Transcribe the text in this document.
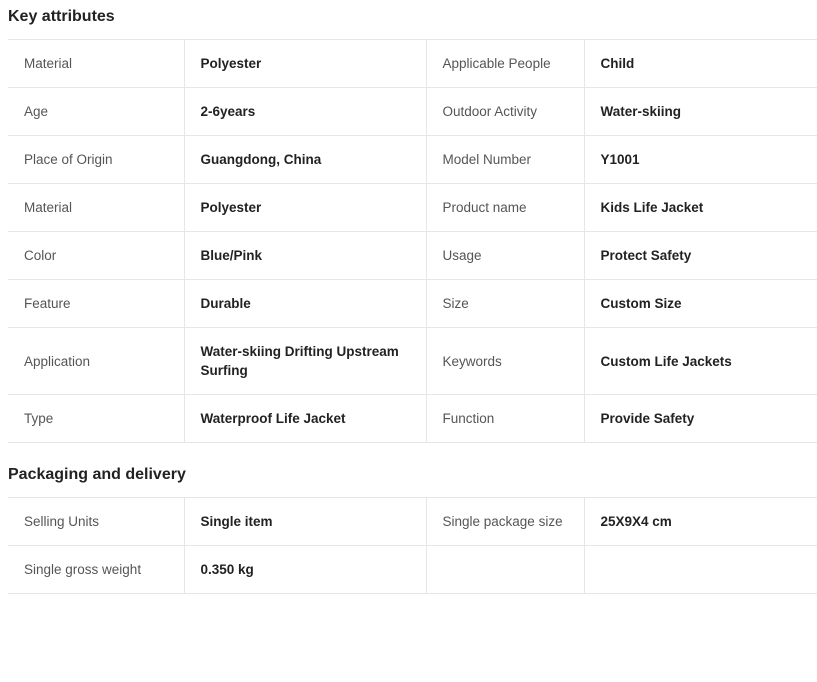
Key attributes
Material	Polyester	Applicable People	Child
Age	2-6years	Outdoor Activity	Water-skiing
Place of Origin	Guangdong, China	Model Number	Y1001
Material	Polyester	Product name	Kids Life Jacket
Color	Blue/Pink	Usage	Protect Safety
Feature	Durable	Size	Custom Size
Application	Water-skiing Drifting Upstream Surfing	Keywords	Custom Life Jackets
Type	Waterproof Life Jacket	Function	Provide Safety
Packaging and delivery
Selling Units	Single item	Single package size	25X9X4 cm
Single gross weight	0.350 kg		
